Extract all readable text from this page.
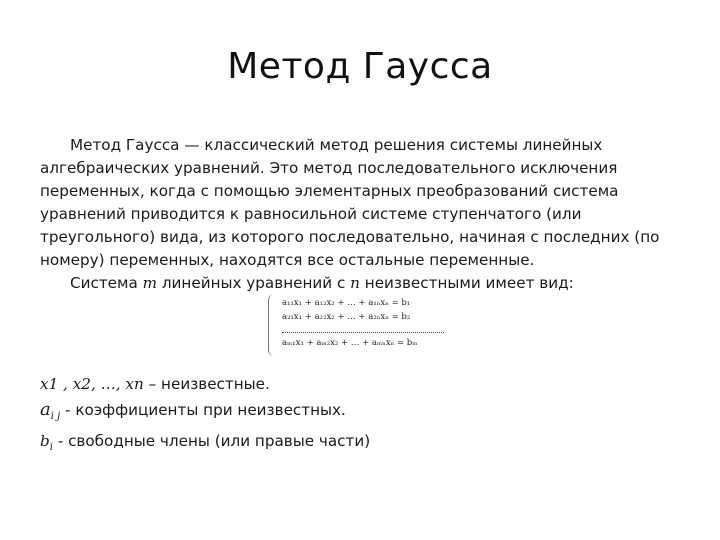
Метод Гаусса

Метод Гаусса — классический метод решения системы линейных алгебраических уравнений. Это метод последовательного исключения переменных, когда с помощью элементарных преобразований система уравнений приводится к равносильной системе ступенчатого (или треугольного) вида, из которого последовательно, начиная с последних (по номеру) переменных, находятся все остальные переменные.

Система m линейных уравнений с n неизвестными имеет вид:

a₁₁x₁ + a₁₂x₂ + … + a₁ₙxₙ = b₁
a₂₁x₁ + a₂₂x₂ + … + a₂ₙxₙ = b₂
aₘ₁x₁ + aₘ₂x₂ + … + aₘₙxₙ = bₘ
x1 , x2, …, xn – неизвестные.
$a_{i j}$ - коэффициенты при неизвестных.
$b_i$ - свободные члены (или правые части)
